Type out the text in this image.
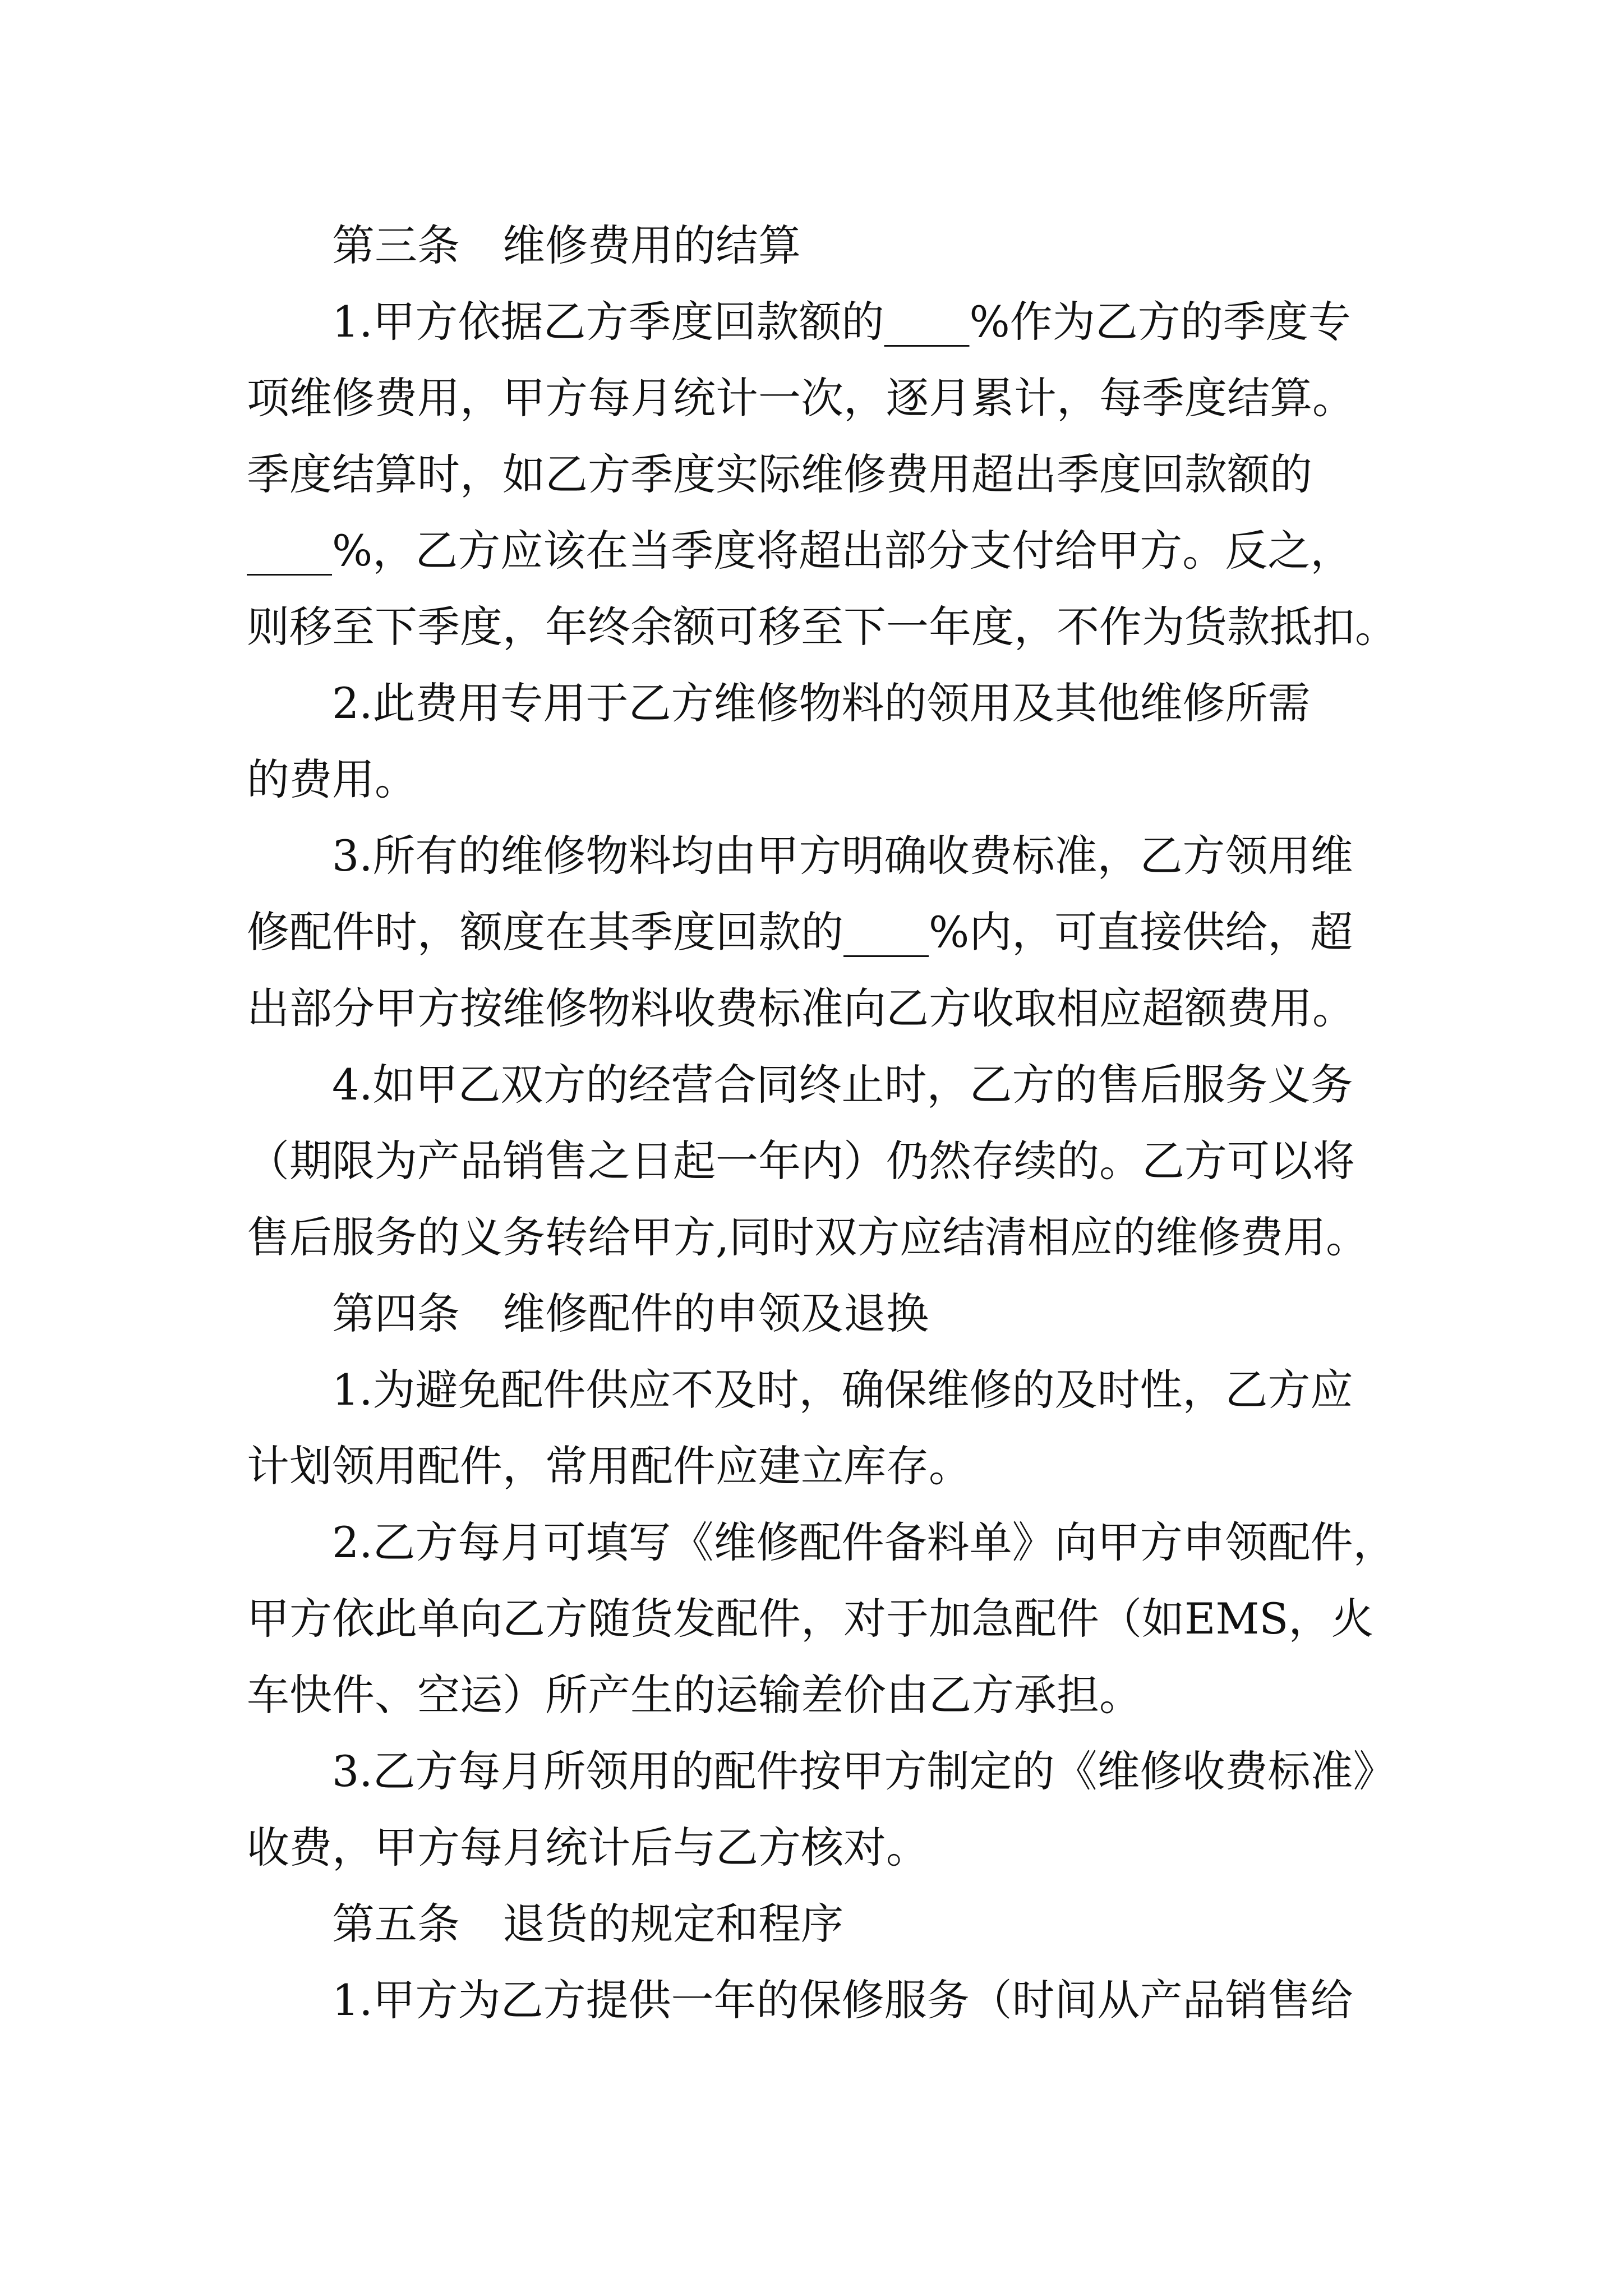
第三条　维修费用的结算
1.甲方依据乙方季度回款额的____%作为乙方的季度专
项维修费用，甲方每月统计一次，逐月累计，每季度结算。
季度结算时，如乙方季度实际维修费用超出季度回款额的
____%，乙方应该在当季度将超出部分支付给甲方。反之，
则移至下季度，年终余额可移至下一年度，不作为货款抵扣。
2.此费用专用于乙方维修物料的领用及其他维修所需
的费用。
3.所有的维修物料均由甲方明确收费标准，乙方领用维
修配件时，额度在其季度回款的____%内，可直接供给，超
出部分甲方按维修物料收费标准向乙方收取相应超额费用。
4.如甲乙双方的经营合同终止时，乙方的售后服务义务
（期限为产品销售之日起一年内）仍然存续的。乙方可以将
售后服务的义务转给甲方,同时双方应结清相应的维修费用。
第四条　维修配件的申领及退换
1.为避免配件供应不及时，确保维修的及时性，乙方应
计划领用配件，常用配件应建立库存。
2.乙方每月可填写《维修配件备料单》向甲方申领配件，
甲方依此单向乙方随货发配件，对于加急配件（如EMS，火
车快件、空运）所产生的运输差价由乙方承担。
3.乙方每月所领用的配件按甲方制定的《维修收费标准》
收费，甲方每月统计后与乙方核对。
第五条　退货的规定和程序
1.甲方为乙方提供一年的保修服务（时间从产品销售给
